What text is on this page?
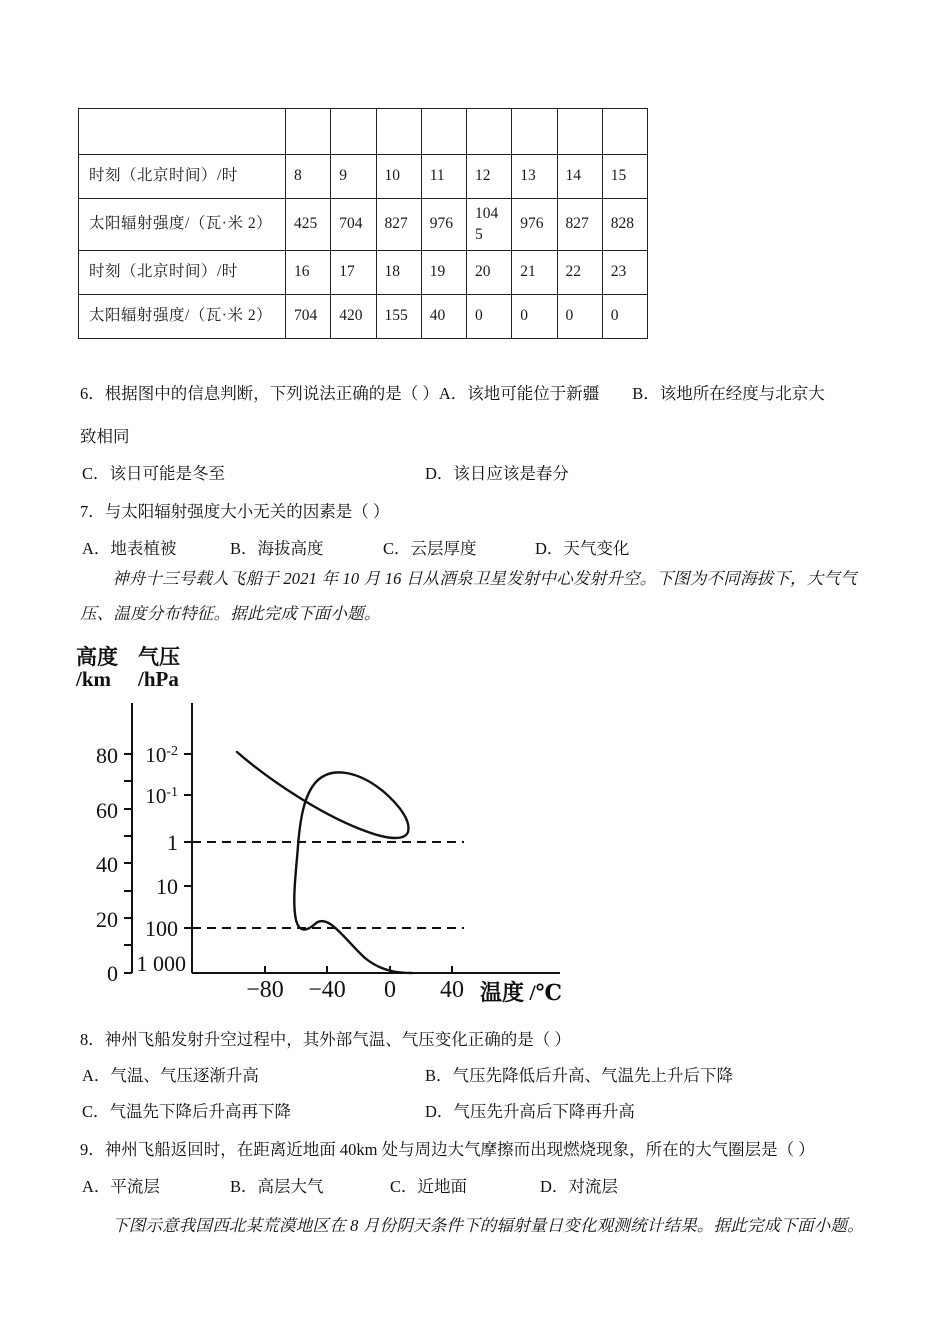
时刻（北京时间）/时	8	9	10	11	12	13	14	15
太阳辐射强度/（瓦·米 2）	425	704	827	976	1045	976	827	828
时刻（北京时间）/时	16	17	18	19	20	21	22	23
太阳辐射强度/（瓦·米 2）	704	420	155	40	0	0	0	0
6．根据图中的信息判断，下列说法正确的是（ ）A．该地可能位于新疆　　B．该地所在经度与北京大
致相同
C．该日可能是冬至	D．该日应该是春分
7．与太阳辐射强度大小无关的因素是（ ）
A．地表植被	B．海拔高度	C．云层厚度	D．天气变化
神舟十三号载人飞船于 2021 年 10 月 16 日从酒泉卫星发射中心发射升空。下图为不同海拔下，大气气
压、温度分布特征。据此完成下面小题。
高度
/km
气压
/hPa
0
20
40
60
80 $10^{-2}$
$10^{-1}$
1
10
100
1 000
−80 −40 0 40 温度 /℃
8．神州飞船发射升空过程中，其外部气温、气压变化正确的是（ ）
A．气温、气压逐渐升高	B．气压先降低后升高、气温先上升后下降
C．气温先下降后升高再下降	D．气压先升高后下降再升高
9．神州飞船返回时，在距离近地面 40km 处与周边大气摩擦而出现燃烧现象，所在的大气圈层是（ ）
A．平流层	B．高层大气	C．近地面	D．对流层
下图示意我国西北某荒漠地区在 8 月份阴天条件下的辐射量日变化观测统计结果。据此完成下面小题。
